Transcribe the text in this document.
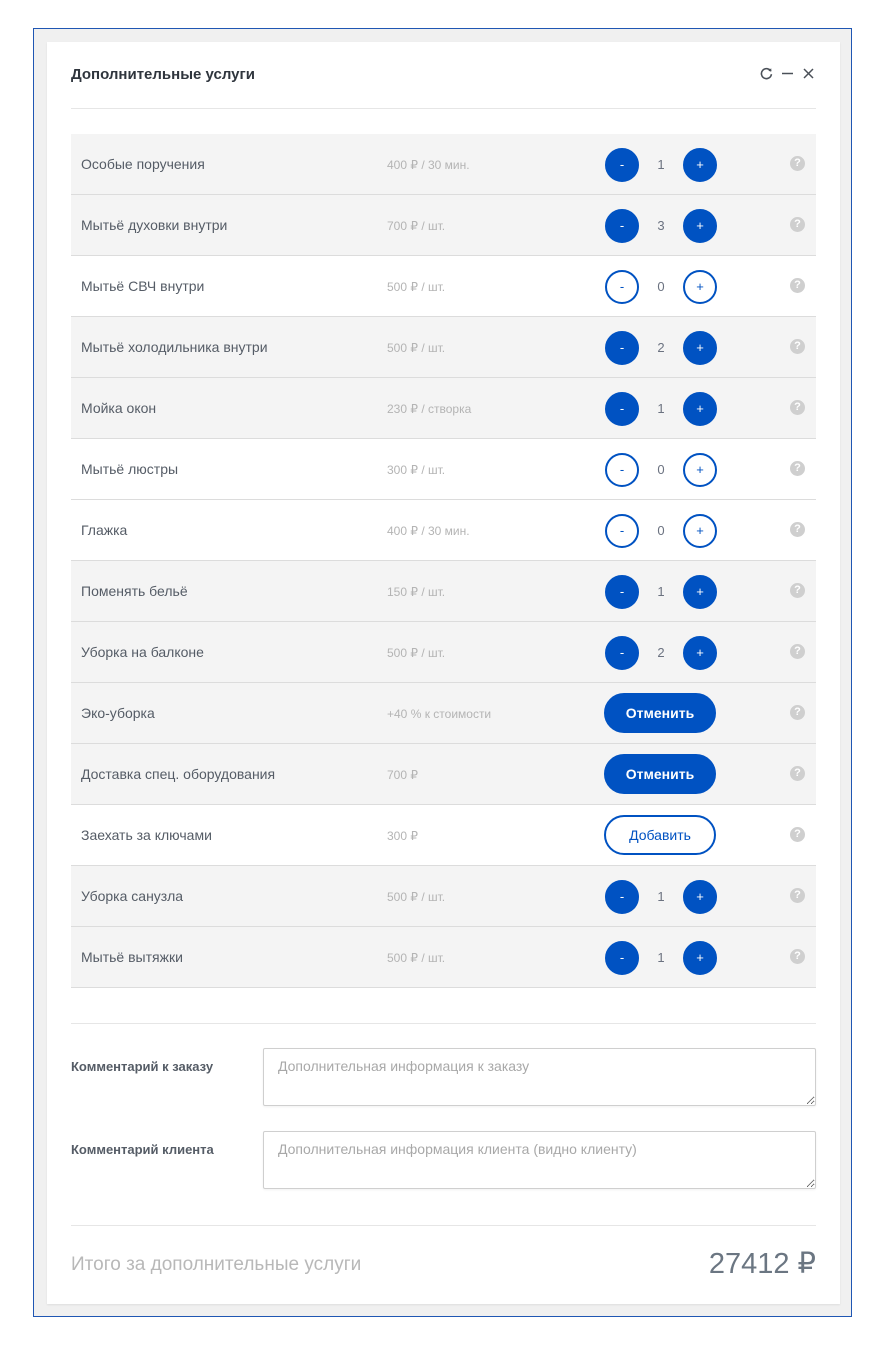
Дополнительные услуги
Особые поручения	400 ₽ / 30 мин.	-	1	+	?
Мытьё духовки внутри	700 ₽ / шт.	-	3	+	?
Мытьё СВЧ внутри	500 ₽ / шт.	-	0	+	?
Мытьё холодильника внутри	500 ₽ / шт.	-	2	+	?
Мойка окон	230 ₽ / створка	-	1	+	?
Мытьё люстры	300 ₽ / шт.	-	0	+	?
Глажка	400 ₽ / 30 мин.	-	0	+	?
Поменять бельё	150 ₽ / шт.	-	1	+	?
Уборка на балконе	500 ₽ / шт.	-	2	+	?
Эко-уборка	+40 % к стоимости	Отменить	?
Доставка спец. оборудования	700 ₽	Отменить	?
Заехать за ключами	300 ₽	Добавить	?
Уборка санузла	500 ₽ / шт.	-	1	+	?
Мытьё вытяжки	500 ₽ / шт.	-	1	+	?
Комментарий к заказу
Дополнительная информация к заказу
Комментарий клиента
Дополнительная информация клиента (видно клиенту)
Итого за дополнительные услуги	27412 ₽
